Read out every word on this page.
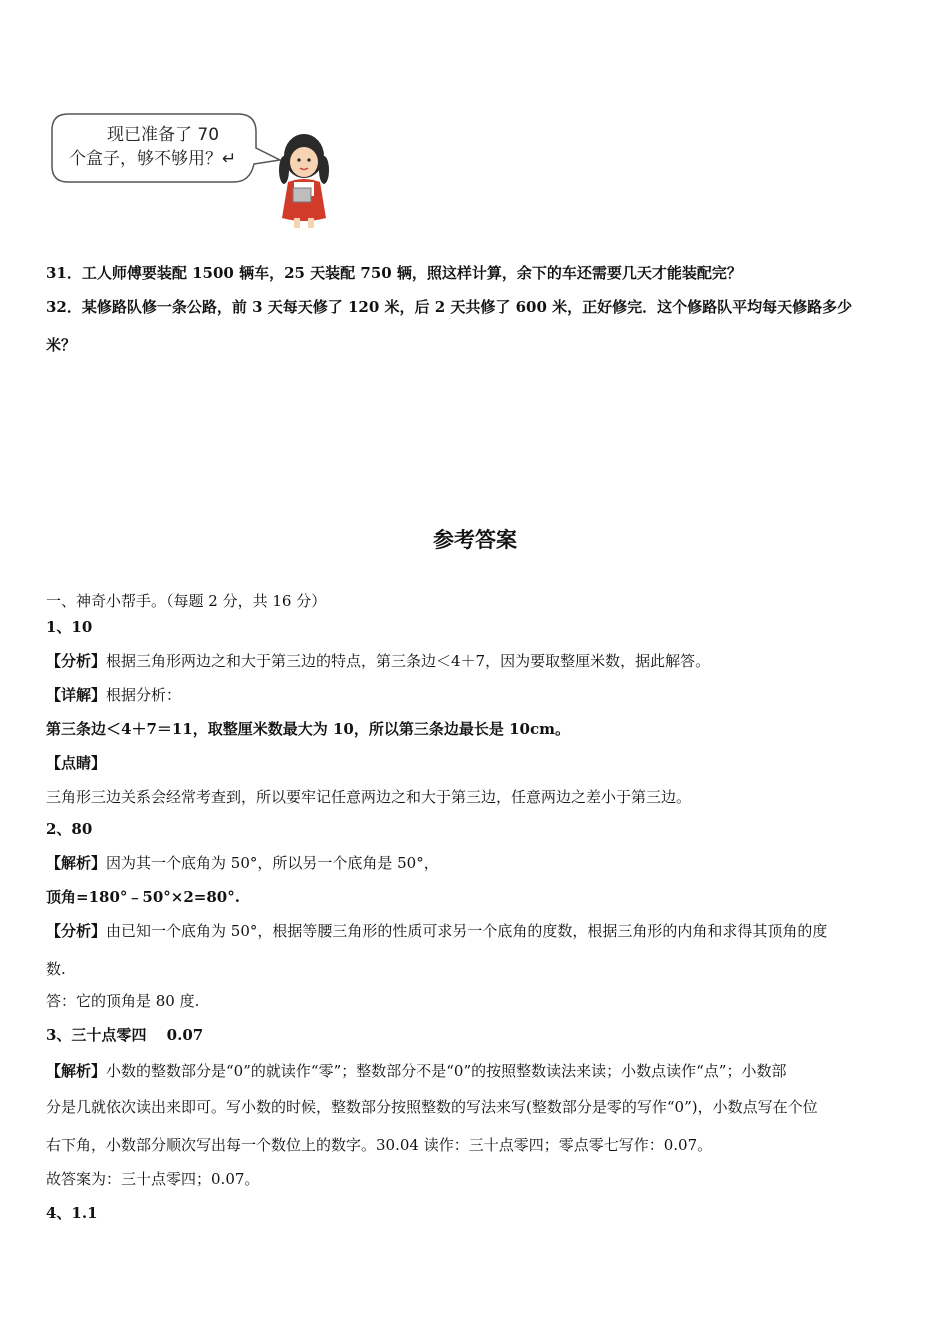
现已准备了 70
个盒子，够不够用？↵
31．工人师傅要装配 1500 辆车，25 天装配 750 辆，照这样计算，余下的车还需要几天才能装配完？
32．某修路队修一条公路，前 3 天每天修了 120 米，后 2 天共修了 600 米，正好修完．这个修路队平均每天修路多少
米？
参考答案
一、神奇小帮手。（每题 2 分，共 16 分）
1、10
【分析】根据三角形两边之和大于第三边的特点，第三条边＜4＋7，因为要取整厘米数，据此解答。
【详解】根据分析：
第三条边＜4＋7＝11，取整厘米数最大为 10，所以第三条边最长是 10cm。
【点睛】
三角形三边关系会经常考查到，所以要牢记任意两边之和大于第三边，任意两边之差小于第三边。
2、80
【解析】因为其一个底角为 50°，所以另一个底角是 50°，
顶角=180°﹣50°×2=80°.
【分析】由已知一个底角为 50°，根据等腰三角形的性质可求另一个底角的度数，根据三角形的内角和求得其顶角的度
数.
答：它的顶角是 80 度.
3、三十点零四　 0.07
【解析】小数的整数部分是“0”的就读作“零”；整数部分不是“0”的按照整数读法来读；小数点读作“点”；小数部
分是几就依次读出来即可。写小数的时候，整数部分按照整数的写法来写(整数部分是零的写作“0”)，小数点写在个位
右下角，小数部分顺次写出每一个数位上的数字。30.04 读作：三十点零四；零点零七写作：0.07。
故答案为：三十点零四；0.07。
4、1.1
